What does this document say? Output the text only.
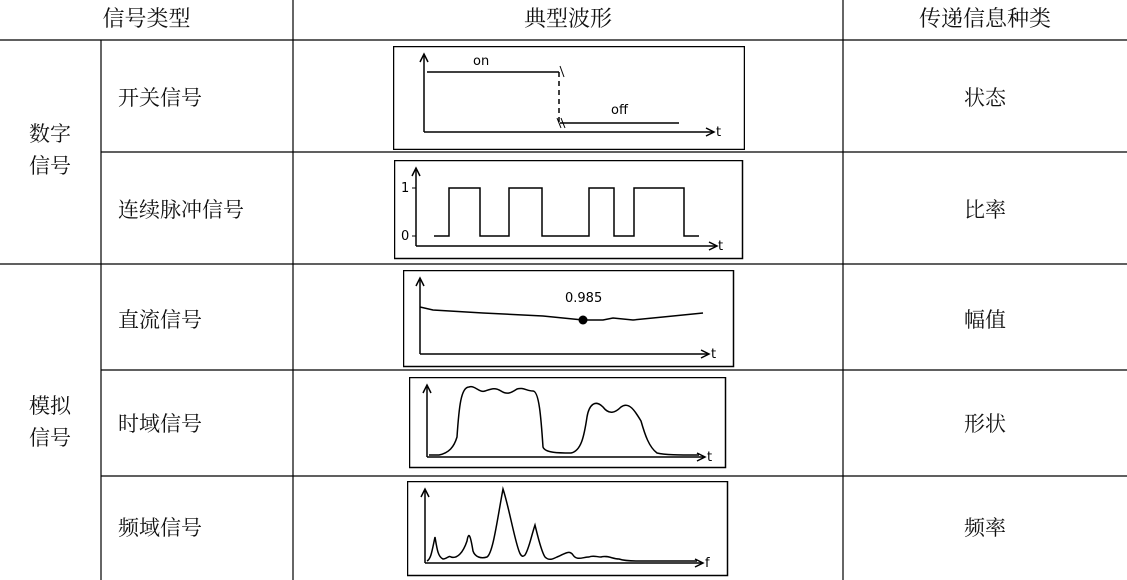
信号类型	典型波形	传递信息种类
数字
信号
模拟
信号
开关信号
连续脉冲信号
直流信号
时域信号
频域信号
状态
比率
幅值
形状
频率
on
off
t
1
0
t
0.985
t
t
f
